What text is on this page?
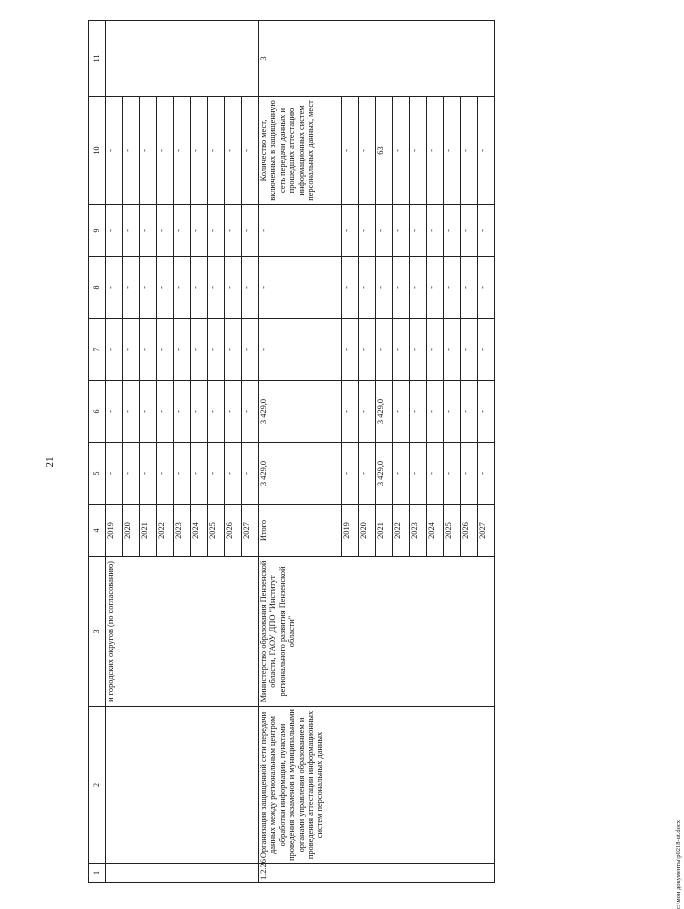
21
c:\мои документы\p0218-ut.docx
1	2	3	4	5	6	7	8	9	10	11
		и городских округов (по согласованию)	2019	-	-	-	-	-	-	
			2020	-	-	-	-	-	-	
			2021	-	-	-	-	-	-	
			2022	-	-	-	-	-	-	
			2023	-	-	-	-	-	-	
			2024	-	-	-	-	-	-	
			2025	-	-	-	-	-	-	
			2026	-	-	-	-	-	-	
			2027	-	-	-	-	-	-	
1.2.26	Организация защищенной сети передачи данных между региональным центром обработки информации, пунктами проведения экзаменов и муниципальными органами управления образованием и проведения аттестации информационных систем персональных данных	Министерство образования Пензенской области, ГАОУ ДПО "Институт регионального развития Пензенской области"	Итого	3 429,0	3 429,0	-	-	-	Количество мест, включенных в защищенную сеть передачи данных и прошедших аттестацию информационных систем персональных данных, мест	3
			2019	-	-	-	-	-	-	
			2020	-	-	-	-	-	-	
			2021	3 429,0	3 429,0	-	-	-	63	
			2022	-	-	-	-	-	-	
			2023	-	-	-	-	-	-	
			2024	-	-	-	-	-	-	
			2025	-	-	-	-	-	-	
			2026	-	-	-	-	-	-	
			2027	-	-	-	-	-	-	
